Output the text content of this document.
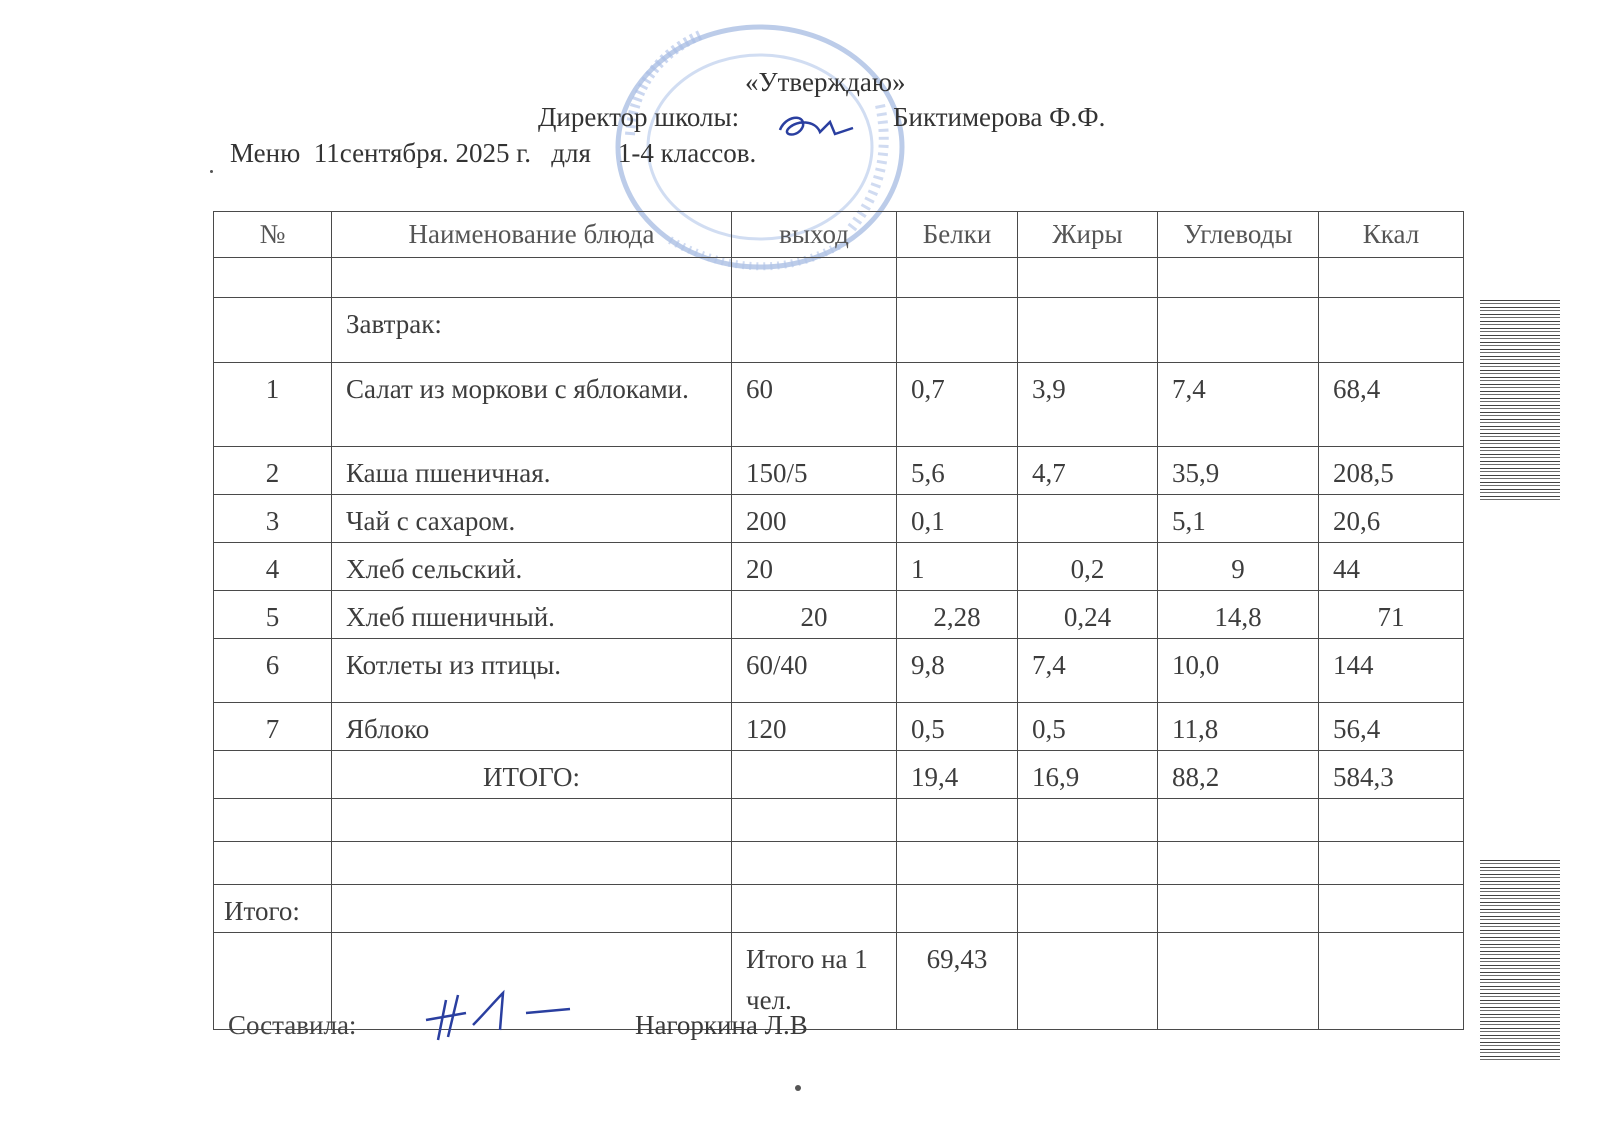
«Утверждаю»
Директор школы:	Биктимерова Ф.Ф.
Меню  11сентября. 2025 г.   для    1-4 классов.
№	Наименование блюда	выход	Белки	Жиры	Углеводы	Ккал

	Завтрак:					
1	Салат из моркови с яблоками.	60	0,7	3,9	7,4	68,4
2	Каша пшеничная.	150/5	5,6	4,7	35,9	208,5
3	Чай с сахаром.	200	0,1		5,1	20,6
4	Хлеб сельский.	20	1	0,2	9	44
5	Хлеб пшеничный.	20	2,28	0,24	14,8	71
6	Котлеты из птицы.	60/40	9,8	7,4	10,0	144
7	Яблоко	120	0,5	0,5	11,8	56,4
	ИТОГО:		19,4	16,9	88,2	584,3

Итого:						
		Итого на 1 чел.	69,43			
Составила:	Нагоркина Л.В
